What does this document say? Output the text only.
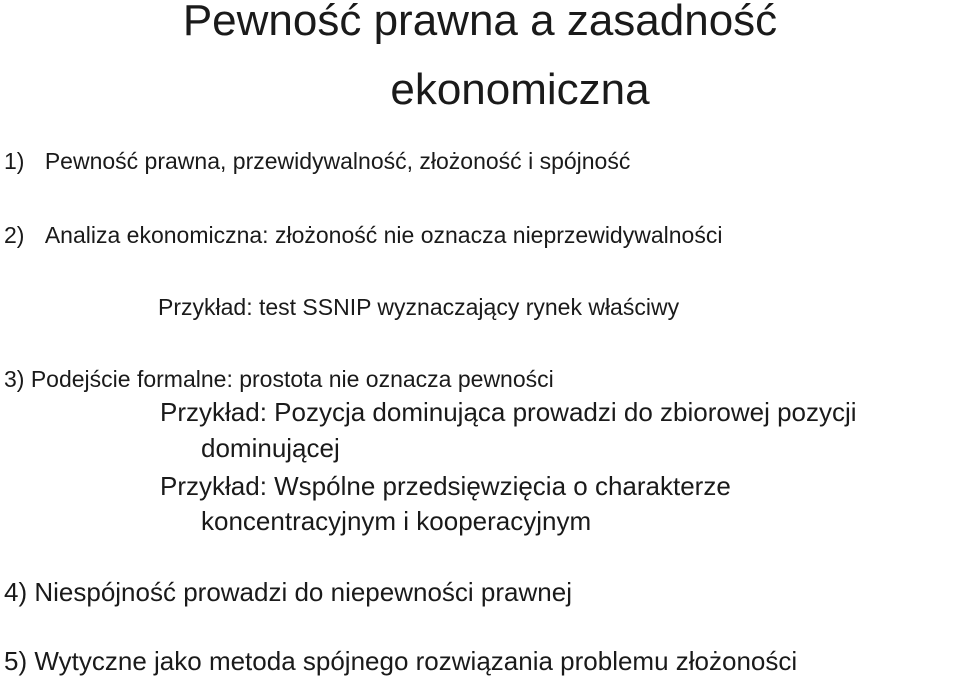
Pewność prawna a zasadność
ekonomiczna

1) Pewność prawna, przewidywalność, złożoność i spójność

2) Analiza ekonomiczna: złożoność nie oznacza nieprzewidywalności

Przykład: test SSNIP wyznaczający rynek właściwy

3) Podejście formalne: prostota nie oznacza pewności

Przykład: Pozycja dominująca prowadzi do zbiorowej pozycji

dominującej

Przykład: Wspólne przedsięwzięcia o charakterze

koncentracyjnym i kooperacyjnym

4) Niespójność prowadzi do niepewności prawnej

5) Wytyczne jako metoda spójnego rozwiązania problemu złożoności
